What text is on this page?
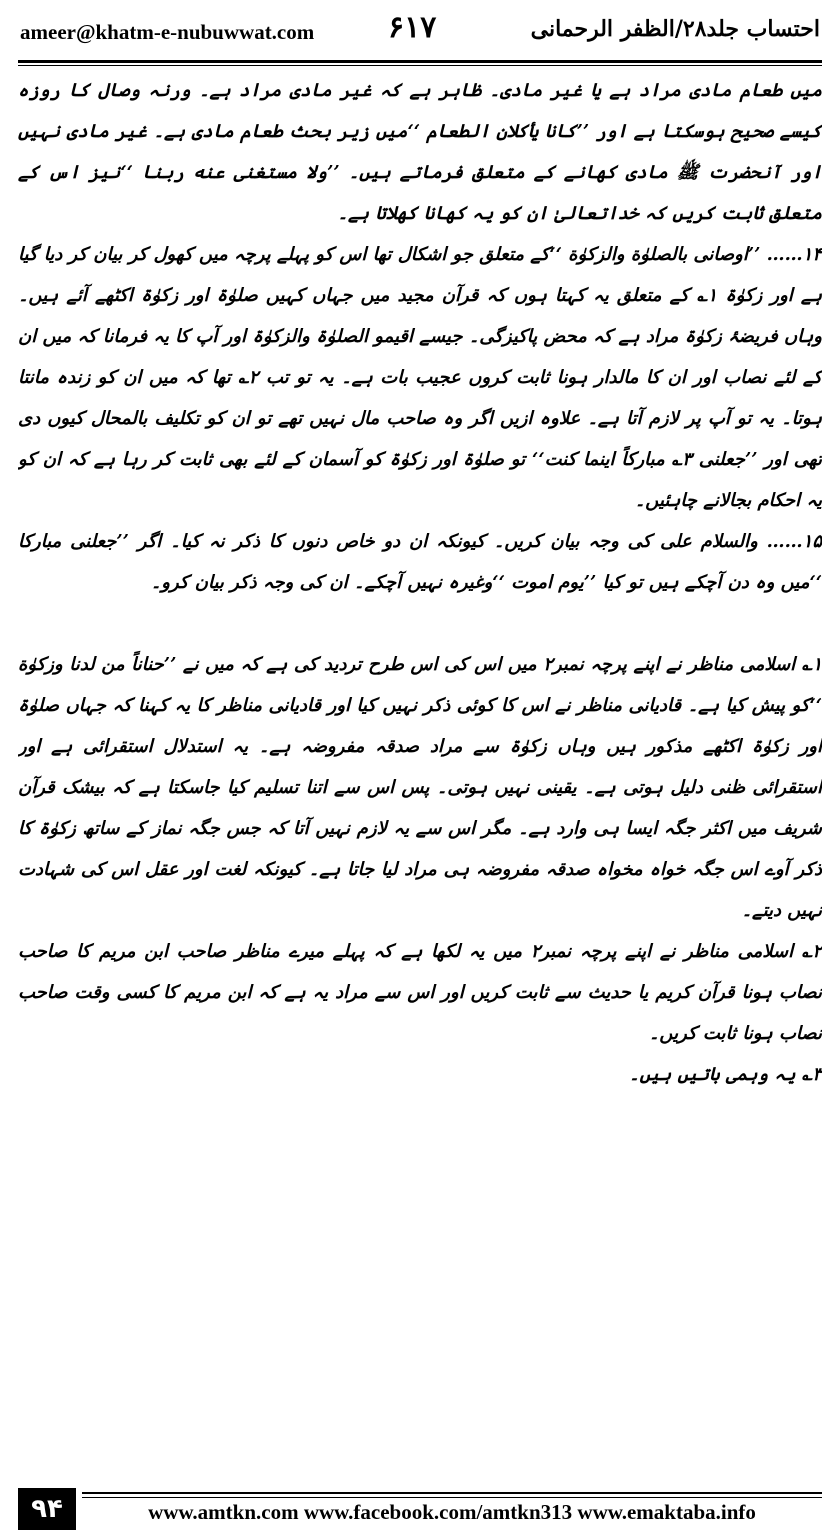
ameer@khatm-e-nubuwwat.com ۶۱۷	احتساب جلد۲۸/الظفر الرحمانی

میں طعام مادی مراد ہے یا غیر مادی۔ ظاہر ہے کہ غیر مادی مراد ہے۔ ورنہ وصال کا روزہ کیسے صحیح ہوسکتا ہے اور ’’کانا یأکلان الطعام ‘‘میں زیر بحث طعام مادی ہے۔ غیر مادی نہیں اور آنحضرت ﷺ مادی کھانے کے متعلق فرماتے ہیں۔ ’’ولا مستغنی عنه ربنا ‘‘نیز اس کے متعلق ثابت کریں کہ خداتعالیٰ ان کو یہ کھانا کھلاتا ہے۔

۱۴…… ’’اوصانی بالصلوٰة والزکوٰة ‘‘کے متعلق جو اشکال تھا اس کو پہلے پرچہ میں کھول کر بیان کر دیا گیا ہے اور زکوٰۃ ۱؎ کے متعلق یہ کہتا ہوں کہ قرآن مجید میں جہاں کہیں صلوٰۃ اور زکوٰۃ اکٹھے آئے ہیں۔ وہاں فریضۂ زکوٰۃ مراد ہے کہ محض پاکیزگی۔ جیسے اقیمو الصلوٰۃ والزکوٰۃ اور آپ کا یہ فرمانا کہ میں ان کے لئے نصاب اور ان کا مالدار ہونا ثابت کروں عجیب بات ہے۔ یہ تو تب ۲؎ تھا کہ میں ان کو زندہ مانتا ہوتا۔ یہ تو آپ پر لازم آتا ہے۔ علاوہ ازیں اگر وہ صاحب مال نہیں تھے تو ان کو تکلیف بالمحال کیوں دی تھی اور ’’جعلنی ۳؎ مبارکاً اینما کنت‘‘ تو صلوٰۃ اور زکوٰۃ کو آسمان کے لئے بھی ثابت کر رہا ہے کہ ان کو یہ احکام بجالانے چاہئیں۔

۱۵…… والسلام علی کی وجہ بیان کریں۔ کیونکہ ان دو خاص دنوں کا ذکر نہ کیا۔ اگر ’’جعلنی مبارکا ‘‘میں وہ دن آچکے ہیں تو کیا ’’یوم اموت ‘‘وغیرہ نہیں آچکے۔ ان کی وجہ ذکر بیان کرو۔

۱؎ اسلامی مناظر نے اپنے پرچہ نمبر۲ میں اس کی اس طرح تردید کی ہے کہ میں نے ’’حناناً من لدنا وزکوٰة ‘‘کو پیش کیا ہے۔ قادیانی مناظر نے اس کا کوئی ذکر نہیں کیا اور قادیانی مناظر کا یہ کہنا کہ جہاں صلوٰۃ اور زکوٰۃ اکٹھے مذکور ہیں وہاں زکوٰۃ سے مراد صدقہ مفروضہ ہے۔ یہ استدلال استقرائی ہے اور استقرائی ظنی دلیل ہوتی ہے۔ یقینی نہیں ہوتی۔ پس اس سے اتنا تسلیم کیا جاسکتا ہے کہ بیشک قرآن شریف میں اکثر جگہ ایسا ہی وارد ہے۔ مگر اس سے یہ لازم نہیں آتا کہ جس جگہ نماز کے ساتھ زکوٰۃ کا ذکر آوے اس جگہ خواہ مخواہ صدقہ مفروضہ ہی مراد لیا جاتا ہے۔ کیونکہ لغت اور عقل اس کی شہادت نہیں دیتے۔

۲؎ اسلامی مناظر نے اپنے پرچہ نمبر۲ میں یہ لکھا ہے کہ پہلے میرے مناظر صاحب ابن مریم کا صاحب نصاب ہونا قرآن کریم یا حدیث سے ثابت کریں اور اس سے مراد یہ ہے کہ ابن مریم کا کسی وقت صاحب نصاب ہونا ثابت کریں۔

۳؎ یہ وہمی باتیں ہیں۔

۹۴	www.amtkn.com www.facebook.com/amtkn313 www.emaktaba.info
